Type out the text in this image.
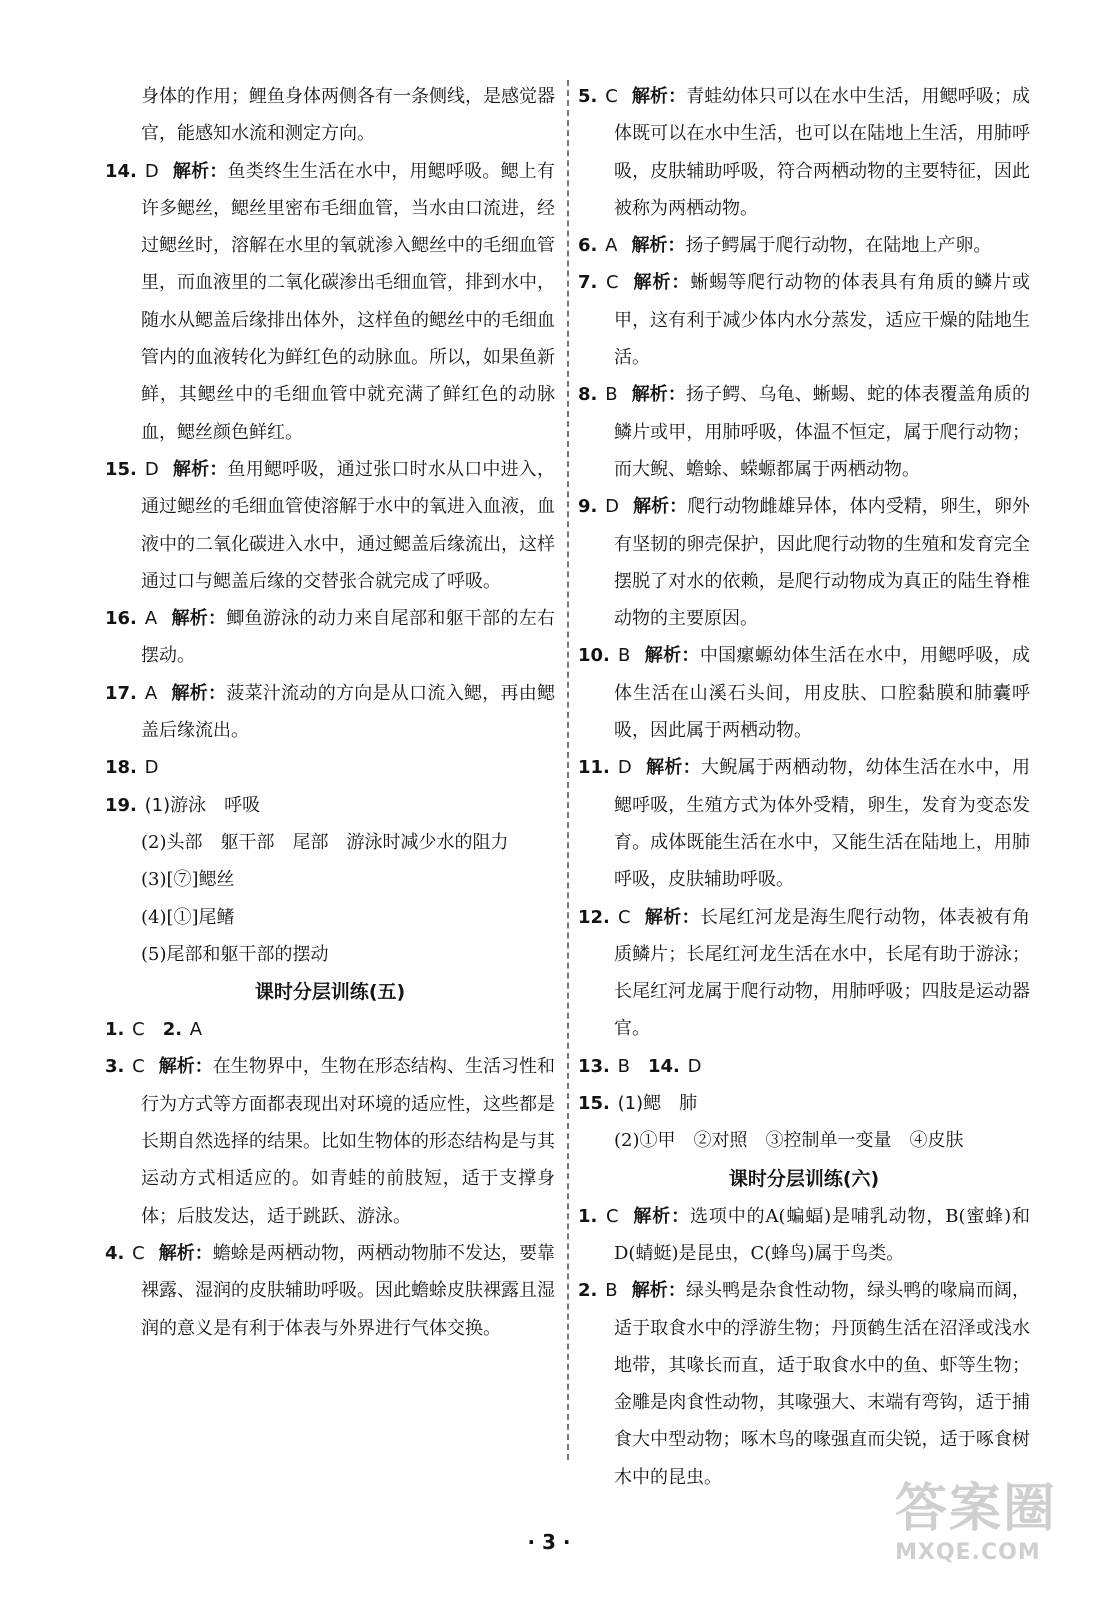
身体的作用；鲤鱼身体两侧各有一条侧线，是感觉器官，能感知水流和测定方向。

14. D 解析：鱼类终生生活在水中，用鳃呼吸。鳃上有许多鳃丝，鳃丝里密布毛细血管，当水由口流进，经过鳃丝时，溶解在水里的氧就渗入鳃丝中的毛细血管里，而血液里的二氧化碳渗出毛细血管，排到水中，随水从鳃盖后缘排出体外，这样鱼的鳃丝中的毛细血管内的血液转化为鲜红色的动脉血。所以，如果鱼新鲜，其鳃丝中的毛细血管中就充满了鲜红色的动脉血，鳃丝颜色鲜红。

15. D 解析：鱼用鳃呼吸，通过张口时水从口中进入，通过鳃丝的毛细血管使溶解于水中的氧进入血液，血液中的二氧化碳进入水中，通过鳃盖后缘流出，这样通过口与鳃盖后缘的交替张合就完成了呼吸。

16. A 解析：鲫鱼游泳的动力来自尾部和躯干部的左右摆动。

17. A 解析：菠菜汁流动的方向是从口流入鳃，再由鳃盖后缘流出。

18. D

19. (1)游泳　呼吸

(2)头部　躯干部　尾部　游泳时减少水的阻力

(3)[⑦]鳃丝

(4)[①]尾鳍

(5)尾部和躯干部的摆动

课时分层训练(五)

1. C 2. A

3. C 解析：在生物界中，生物在形态结构、生活习性和行为方式等方面都表现出对环境的适应性，这些都是长期自然选择的结果。比如生物体的形态结构是与其运动方式相适应的。如青蛙的前肢短，适于支撑身体；后肢发达，适于跳跃、游泳。

4. C 解析：蟾蜍是两栖动物，两栖动物肺不发达，要靠裸露、湿润的皮肤辅助呼吸。因此蟾蜍皮肤裸露且湿润的意义是有利于体表与外界进行气体交换。

5. C 解析：青蛙幼体只可以在水中生活，用鳃呼吸；成体既可以在水中生活，也可以在陆地上生活，用肺呼吸，皮肤辅助呼吸，符合两栖动物的主要特征，因此被称为两栖动物。

6. A 解析：扬子鳄属于爬行动物，在陆地上产卵。

7. C 解析：蜥蜴等爬行动物的体表具有角质的鳞片或甲，这有利于减少体内水分蒸发，适应干燥的陆地生活。

8. B 解析：扬子鳄、乌龟、蜥蜴、蛇的体表覆盖角质的鳞片或甲，用肺呼吸，体温不恒定，属于爬行动物；而大鲵、蟾蜍、蝾螈都属于两栖动物。

9. D 解析：爬行动物雌雄异体，体内受精，卵生，卵外有坚韧的卵壳保护，因此爬行动物的生殖和发育完全摆脱了对水的依赖，是爬行动物成为真正的陆生脊椎动物的主要原因。

10. B 解析：中国瘰螈幼体生活在水中，用鳃呼吸，成体生活在山溪石头间，用皮肤、口腔黏膜和肺囊呼吸，因此属于两栖动物。

11. D 解析：大鲵属于两栖动物，幼体生活在水中，用鳃呼吸，生殖方式为体外受精，卵生，发育为变态发育。成体既能生活在水中，又能生活在陆地上，用肺呼吸，皮肤辅助呼吸。

12. C 解析：长尾红河龙是海生爬行动物，体表被有角质鳞片；长尾红河龙生活在水中，长尾有助于游泳；长尾红河龙属于爬行动物，用肺呼吸；四肢是运动器官。

13. B 14. D

15. (1)鳃　肺

(2)①甲　②对照　③控制单一变量　④皮肤

课时分层训练(六)

1. C 解析：选项中的A(蝙蝠)是哺乳动物，B(蜜蜂)和D(蜻蜓)是昆虫，C(蜂鸟)属于鸟类。

2. B 解析：绿头鸭是杂食性动物，绿头鸭的喙扁而阔，适于取食水中的浮游生物；丹顶鹤生活在沼泽或浅水地带，其喙长而直，适于取食水中的鱼、虾等生物；金雕是肉食性动物，其喙强大、末端有弯钩，适于捕食大中型动物；啄木鸟的喙强直而尖锐，适于啄食树木中的昆虫。

· 3 ·
答案圈
MXQE.COM
